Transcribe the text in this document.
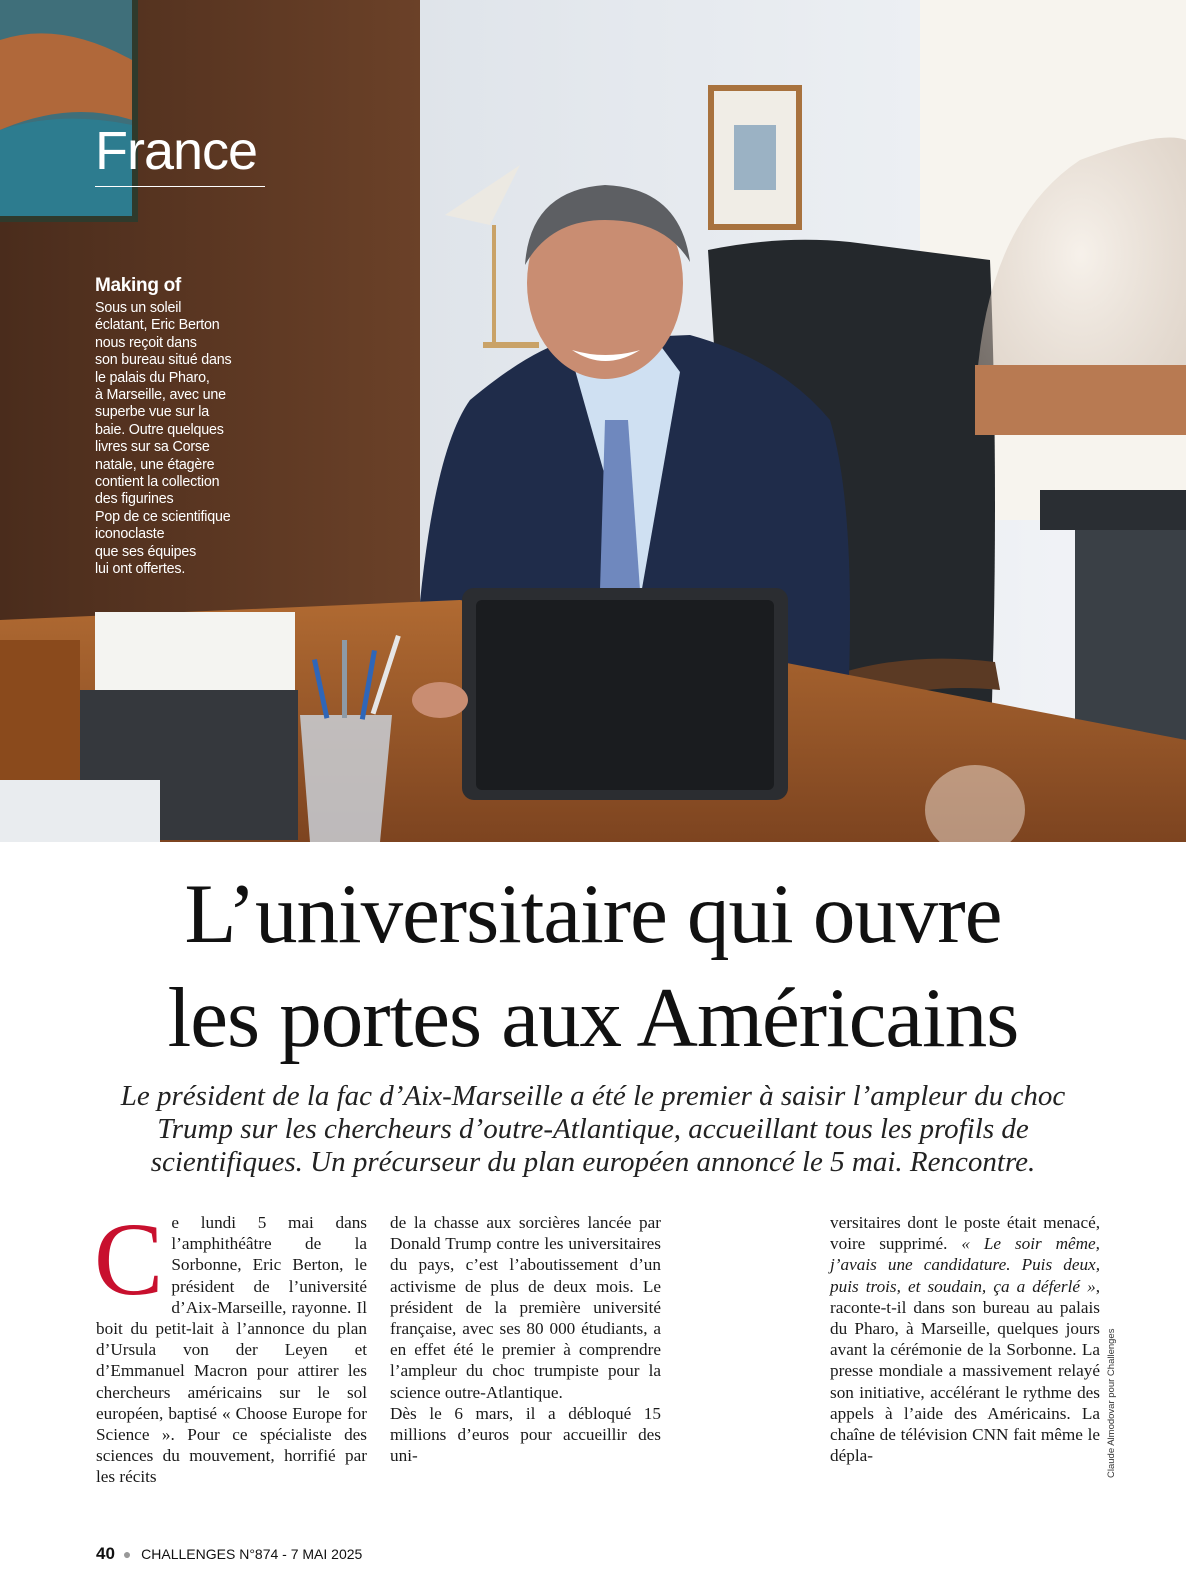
France
Making of
Sous un soleil
éclatant, Eric Berton
nous reçoit dans
son bureau situé dans
le palais du Pharo,
à Marseille, avec une
superbe vue sur la
baie. Outre quelques
livres sur sa Corse
natale, une étagère
contient la collection
des figurines
Pop de ce scientifique
iconoclaste
que ses équipes
lui ont offertes.
L’universitaire qui ouvre
les portes aux Américains
Le président de la fac d’Aix-Marseille a été le premier à saisir l’ampleur du choc Trump sur les chercheurs d’outre-Atlantique, accueillant tous les profils de scientifiques. Un précurseur du plan européen annoncé le 5 mai. Rencontre.

Ce lundi 5 mai dans l’amphithéâtre de la Sorbonne, Eric Berton, le président de l’université d’Aix-Marseille, rayonne. Il boit du petit-lait à l’annonce du plan d’Ursula von der Leyen et d’Emmanuel Macron pour attirer les chercheurs américains sur le sol européen, baptisé « Choose Europe for Science ». Pour ce spécialiste des sciences du mouvement, horrifié par les récits

de la chasse aux sorcières lancée par Donald Trump contre les universitaires du pays, c’est l’aboutissement d’un activisme de plus de deux mois. Le président de la première université française, avec ses 80 000 étudiants, a en effet été le premier à comprendre l’ampleur du choc trumpiste pour la science outre-Atlantique.

Dès le 6 mars, il a débloqué 15 millions d’euros pour accueillir des uni-

versitaires dont le poste était menacé, voire supprimé. « Le soir même, j’avais une candidature. Puis deux, puis trois, et soudain, ça a déferlé », raconte-t-il dans son bureau au palais du Pharo, à Marseille, quelques jours avant la cérémonie de la Sorbonne. La presse mondiale a massivement relayé son initiative, accélérant le rythme des appels à l’aide des Américains. La chaîne de télévision CNN fait même le dépla-	Claude Almodovar pour Challenges
40 ● CHALLENGES N°874 - 7 MAI 2025
